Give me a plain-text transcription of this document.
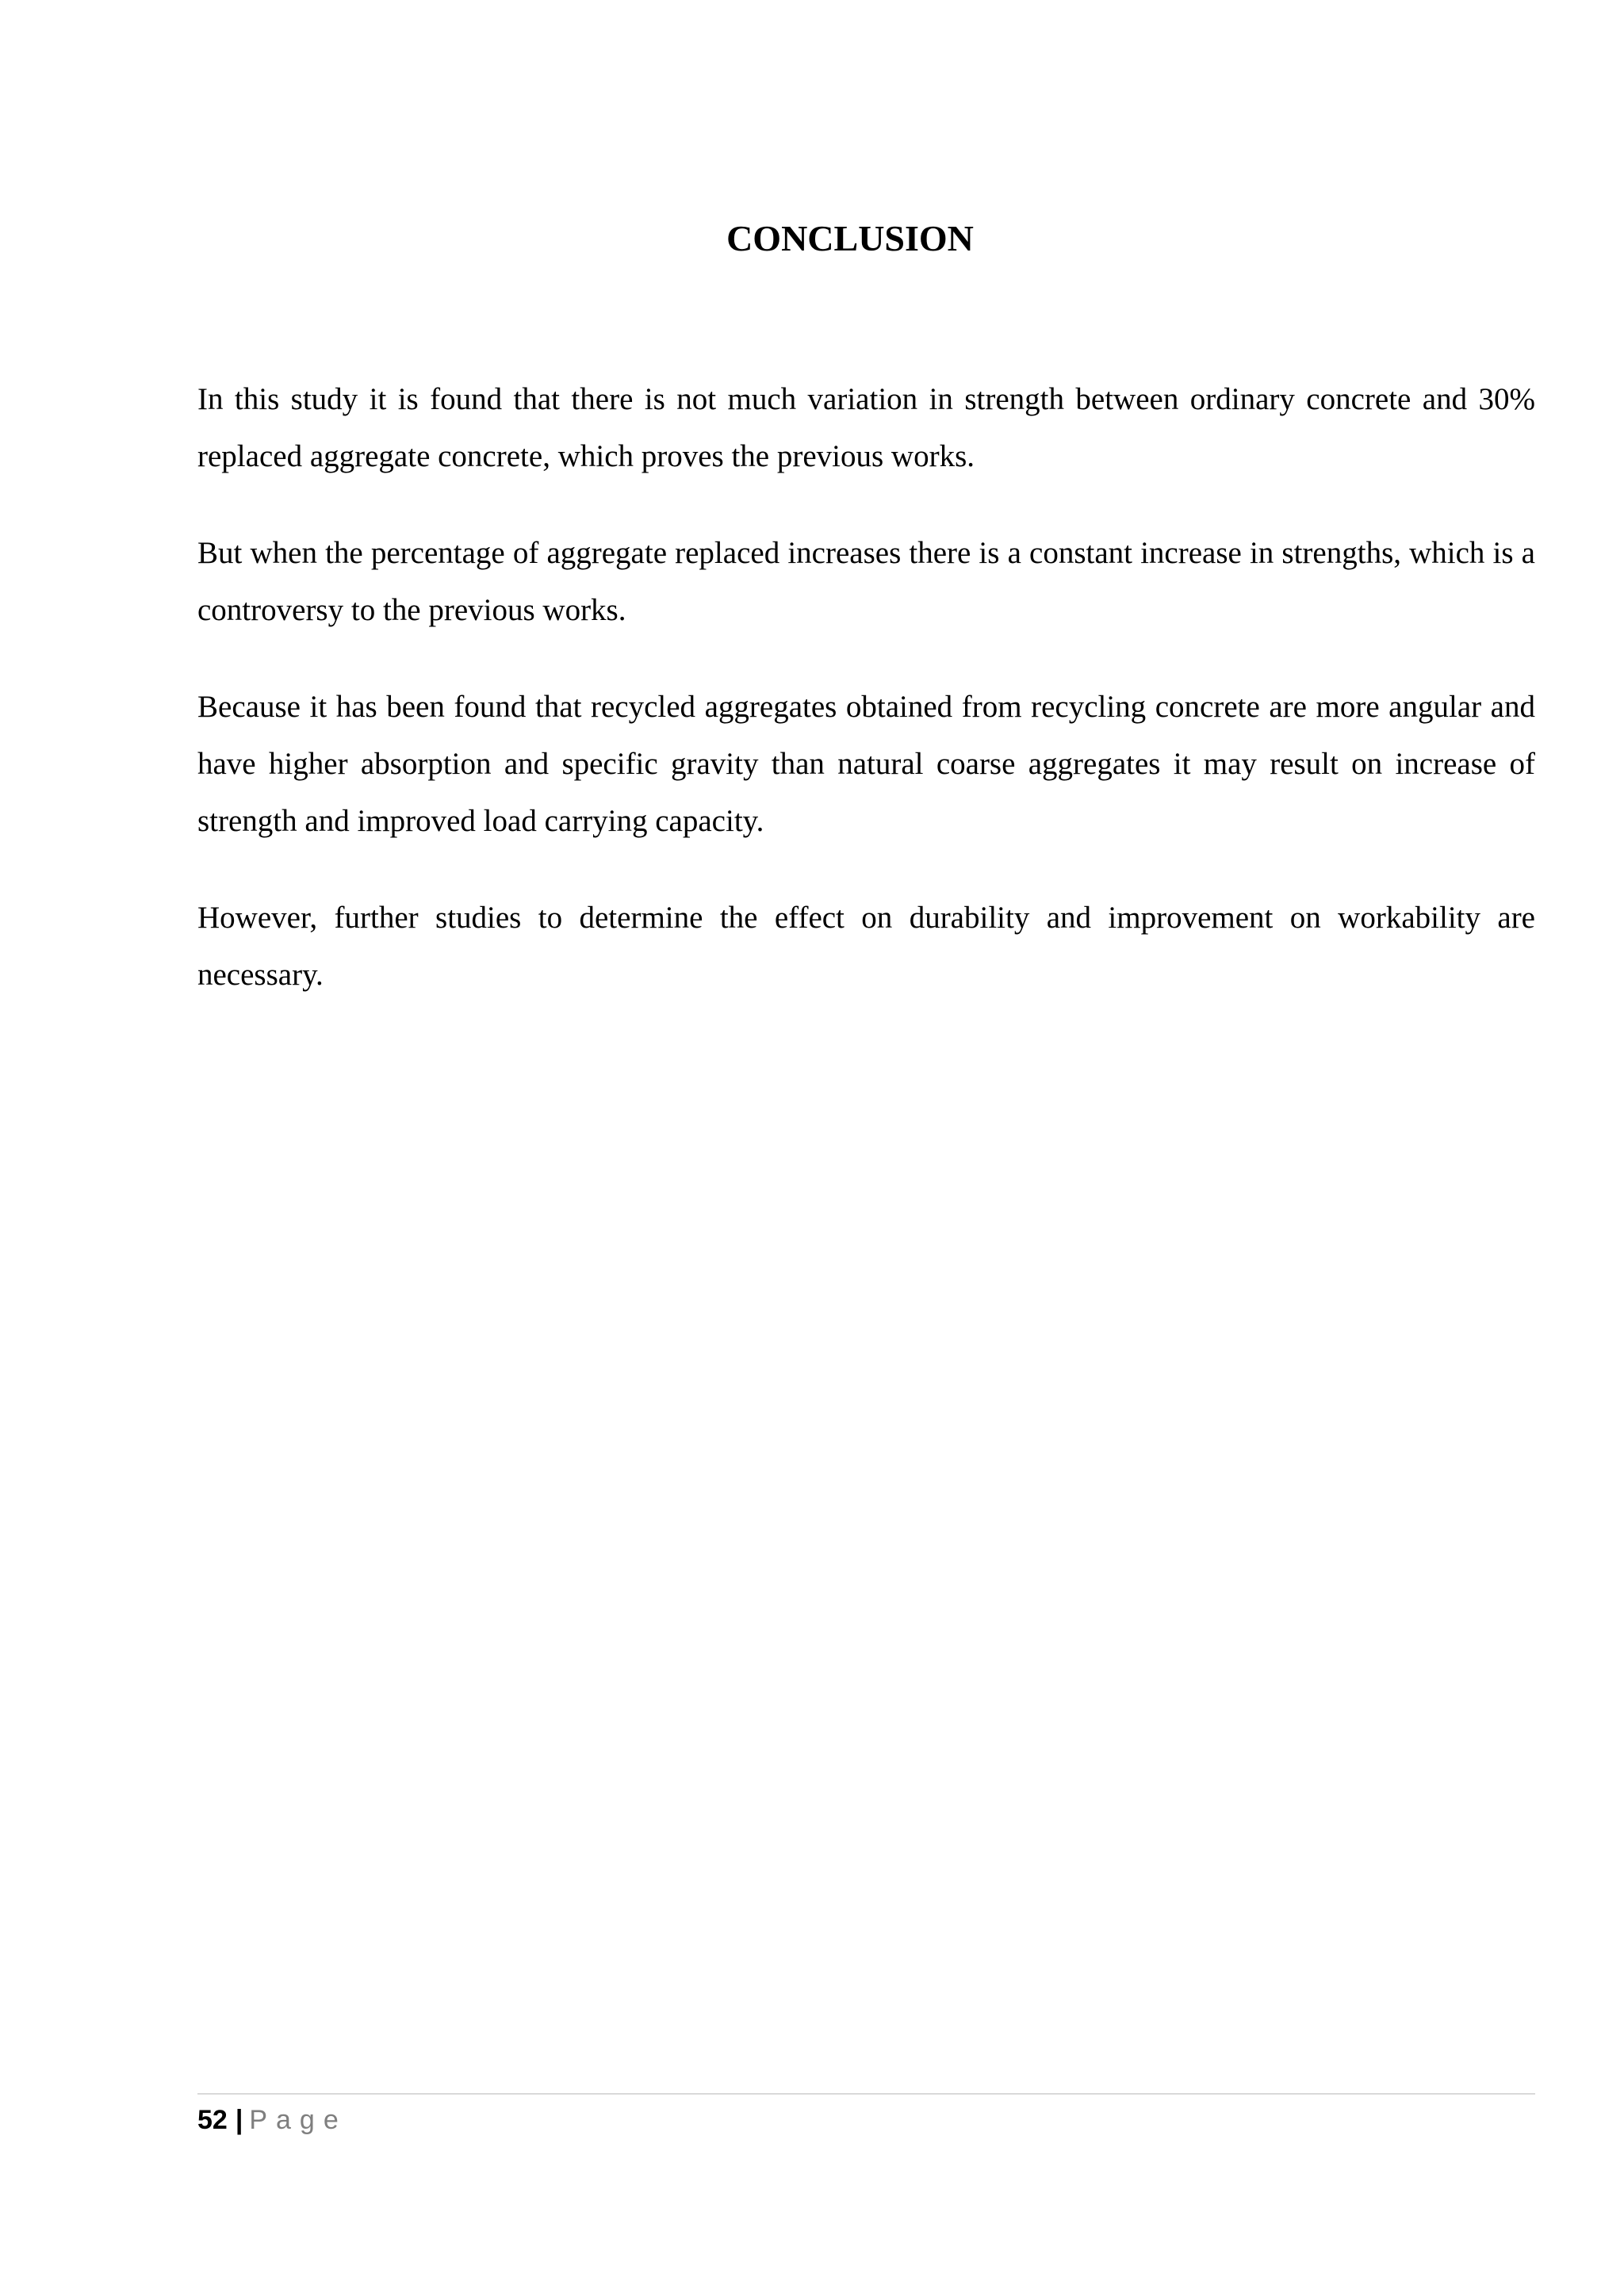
CONCLUSION

In this study it is found that there is not much variation in strength between ordinary concrete and 30% replaced aggregate concrete, which proves the previous works.

But when the percentage of aggregate replaced increases there is a constant increase in strengths, which is a controversy to the previous works.

Because it has been found that recycled aggregates obtained from recycling concrete are more angular and have higher absorption and specific gravity than natural coarse aggregates it may result on increase of strength and improved load carrying capacity.

However, further studies to determine the effect on durability and improvement on workability are necessary.

52 | Page
